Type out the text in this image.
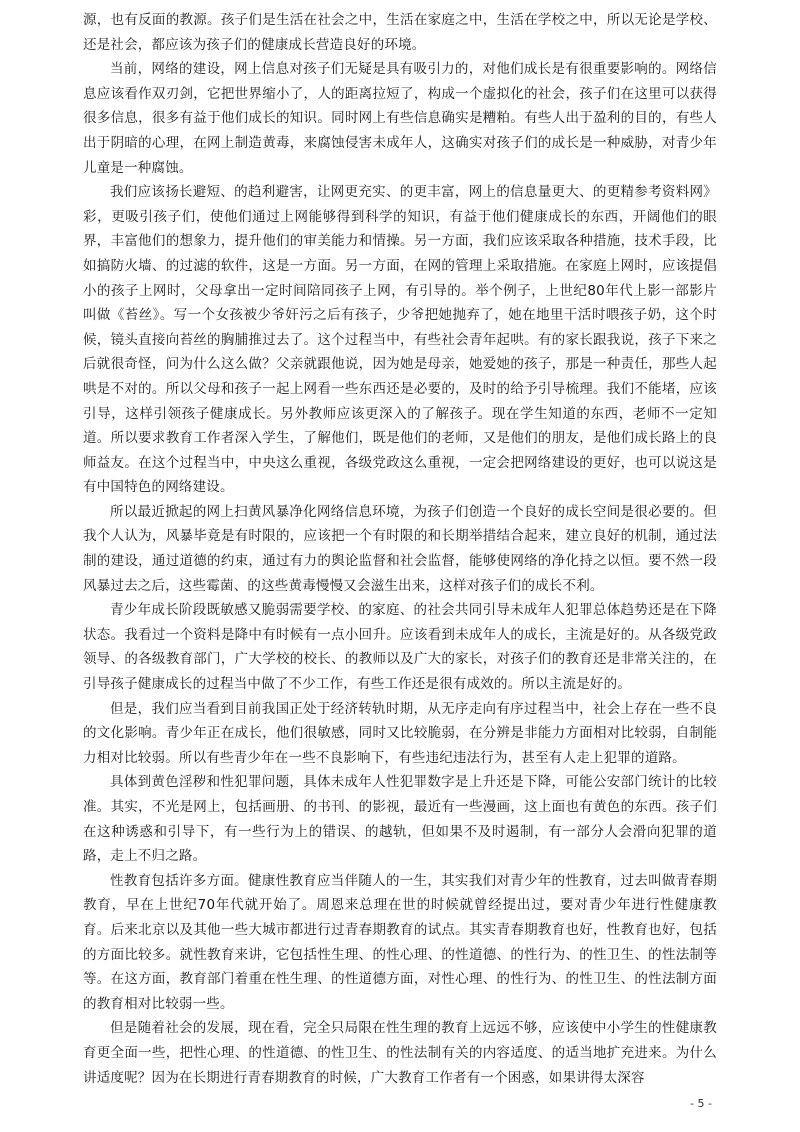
源，也有反面的教源。孩子们是生活在社会之中，生活在家庭之中，生活在学校之中，所以无论是学校、还是社会，都应该为孩子们的健康成长营造良好的环境。

当前，网络的建设，网上信息对孩子们无疑是具有吸引力的，对他们成长是有很重要影响的。网络信息应该看作双刃剑，它把世界缩小了，人的距离拉短了，构成一个虚拟化的社会，孩子们在这里可以获得很多信息，很多有益于他们成长的知识。同时网上有些信息确实是糟粕。有些人出于盈利的目的，有些人出于阴暗的心理，在网上制造黄毒，来腐蚀侵害未成年人，这确实对孩子们的成长是一种威胁，对青少年儿童是一种腐蚀。

我们应该扬长避短、的趋利避害，让网更充实、的更丰富，网上的信息量更大、的更精参考资料网》彩，更吸引孩子们，使他们通过上网能够得到科学的知识，有益于他们健康成长的东西，开阔他们的眼界，丰富他们的想象力，提升他们的审美能力和情操。另一方面，我们应该采取各种措施，技术手段，比如搞防火墙、的过滤的软件，这是一方面。另一方面，在网的管理上采取措施。在家庭上网时，应该提倡小的孩子上网时，父母拿出一定时间陪同孩子上网，有引导的。举个例子，上世纪80年代上影一部影片叫做《苔丝》。写一个女孩被少爷奸污之后有孩子，少爷把她抛弃了，她在地里干活时喂孩子奶，这个时候，镜头直接向苔丝的胸脯推过去了。这个过程当中，有些社会青年起哄。有的家长跟我说，孩子下来之后就很奇怪，问为什么这么做？父亲就跟他说，因为她是母亲，她爱她的孩子，那是一种责任，那些人起哄是不对的。所以父母和孩子一起上网看一些东西还是必要的，及时的给予引导梳理。我们不能堵，应该引导，这样引领孩子健康成长。另外教师应该更深入的了解孩子。现在学生知道的东西，老师不一定知道。所以要求教育工作者深入学生，了解他们，既是他们的老师，又是他们的朋友，是他们成长路上的良师益友。在这个过程当中，中央这么重视，各级党政这么重视，一定会把网络建设的更好，也可以说这是有中国特色的网络建设。

所以最近掀起的网上扫黄风暴净化网络信息环境，为孩子们创造一个良好的成长空间是很必要的。但我个人认为，风暴毕竟是有时限的，应该把一个有时限的和长期举措结合起来，建立良好的机制，通过法制的建设，通过道德的约束，通过有力的舆论监督和社会监督，能够使网络的净化持之以恒。要不然一段风暴过去之后，这些霉菌、的这些黄毒慢慢又会滋生出来，这样对孩子们的成长不利。

青少年成长阶段既敏感又脆弱需要学校、的家庭、的社会共同引导未成年人犯罪总体趋势还是在下降状态。我看过一个资料是降中有时候有一点小回升。应该看到未成年人的成长，主流是好的。从各级党政领导、的各级教育部门，广大学校的校长、的教师以及广大的家长，对孩子们的教育还是非常关注的，在引导孩子健康成长的过程当中做了不少工作，有些工作还是很有成效的。所以主流是好的。

但是，我们应当看到目前我国正处于经济转轨时期，从无序走向有序过程当中，社会上存在一些不良的文化影响。青少年正在成长，他们很敏感，同时又比较脆弱，在分辨是非能力方面相对比较弱，自制能力相对比较弱。所以有些青少年在一些不良影响下，有些违纪违法行为，甚至有人走上犯罪的道路。

具体到黄色淫秽和性犯罪问题，具体未成年人性犯罪数字是上升还是下降，可能公安部门统计的比较准。其实，不光是网上，包括画册、的书刊、的影视，最近有一些漫画，这上面也有黄色的东西。孩子们在这种诱惑和引导下，有一些行为上的错误、的越轨，但如果不及时遏制，有一部分人会滑向犯罪的道路，走上不归之路。

性教育包括许多方面。健康性教育应当伴随人的一生，其实我们对青少年的性教育，过去叫做青春期教育，早在上世纪70年代就开始了。周恩来总理在世的时候就曾经提出过，要对青少年进行性健康教育。后来北京以及其他一些大城市都进行过青春期教育的试点。其实青春期教育也好，性教育也好，包括的方面比较多。就性教育来讲，它包括性生理、的性心理、的性道德、的性行为、的性卫生、的性法制等等。在这方面，教育部门着重在性生理、的性道德方面，对性心理、的性行为、的性卫生、的性法制方面的教育相对比较弱一些。

但是随着社会的发展，现在看，完全只局限在性生理的教育上远远不够，应该使中小学生的性健康教育更全面一些，把性心理、的性道德、的性卫生、的性法制有关的内容适度、的适当地扩充进来。为什么讲适度呢？因为在长期进行青春期教育的时候，广大教育工作者有一个困惑，如果讲得太深容

- 5 -
